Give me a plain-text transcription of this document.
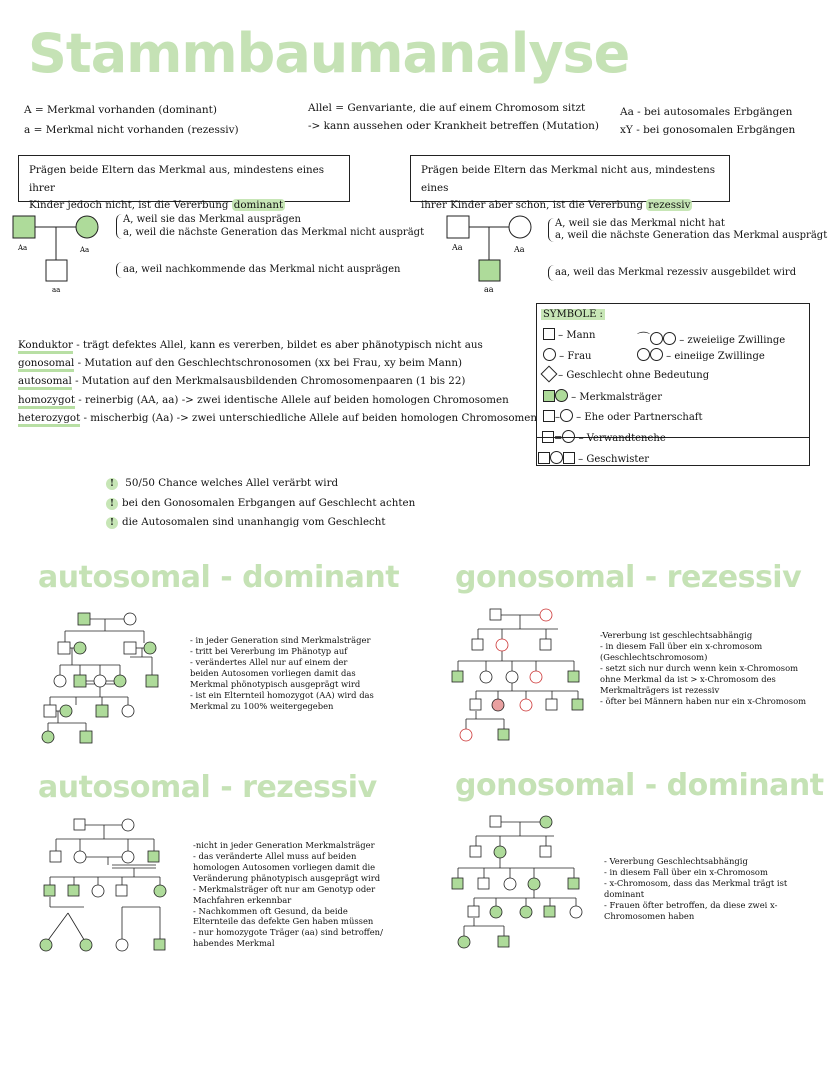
Stammbaumanalyse
A = Merkmal vorhanden (dominant)
a = Merkmal nicht vorhanden (rezessiv)
Allel = Genvariante, die auf einem Chromosom sitzt
-> kann aussehen oder Krankheit betreffen (Mutation)
Aa - bei autosomales Erbgängen
xY - bei gonosomalen Erbgängen
Prägen beide Eltern das Merkmal aus, mindestens eines ihrer
Kinder jedoch nicht, ist die Vererbung dominant
Prägen beide Eltern das Merkmal nicht aus, mindestens eines
ihrer Kinder aber schon, ist die Vererbung rezessiv
Aa	Aa
aa
A, weil sie das Merkmal ausprägen
a, weil die nächste Generation das Merkmal nicht ausprägt
aa, weil nachkommende das Merkmal nicht ausprägen
Aa	Aa
aa
A, weil sie das Merkmal nicht hat
a, weil die nächste Generation das Merkmal ausprägt
aa, weil das Merkmal rezessiv ausgebildet wird
Konduktor - trägt defektes Allel, kann es vererben, bildet es aber phänotypisch nicht aus
gonosomal - Mutation auf den Geschlechtschronosomen (xx bei Frau, xy beim Mann)
autosomal - Mutation auf den Merkmalsausbildenden Chromosomenpaaren (1 bis 22)
homozygot - reinerbig (AA, aa) -> zwei identische Allele auf beiden homologen Chromosomen
heterozygot - mischerbig (Aa) -> zwei unterschiedliche Allele auf beiden homologen Chromosomen
SYMBOLE :
– Mann
– Frau
⌒	– zweieiige Zwillinge
– eineiige Zwillinge
– Geschlecht ohne Bedeutung
– Merkmalsträger
– – Ehe oder Partnerschaft
= – Verwandtenehe
– Geschwister
! 50/50 Chance welches Allel verärbt wird
! bei den Gonosomalen Erbgangen auf Geschlecht achten
! die Autosomalen sind unanhangig vom Geschlecht
autosomal - dominant gonosomal - rezessiv
autosomal - rezessiv	gonosomal - dominant
- in jeder Generation sind Merkmalsträger
- tritt bei Vererbung im Phänotyp auf
- verändertes Allel nur auf einem der
beiden Autosomen vorliegen damit das
Merkmal phönotypisch ausgeprägt wird
- ist ein Elternteil homozygot (AA) wird das
Merkmal zu 100% weitergegeben
-Vererbung ist geschlechtsabhängig
- in diesem Fall über ein x-chromosom
(Geschlechtschromosom)
- setzt sich nur durch wenn kein x-Chromosom
ohne Merkmal da ist > x-Chromosom des
Merkmalträgers ist rezessiv
- öfter bei Männern haben nur ein x-Chromosom
-nicht in jeder Generation Merkmalsträger
- das veränderte Allel muss auf beiden
homologen Autosomen vorliegen damit die
Veränderung phänotypisch ausgeprägt wird
- Merkmalsträger oft nur am Genotyp oder
Machfahren erkennbar
- Nachkommen oft Gesund, da beide
Elternteile das defekte Gen haben müssen
- nur homozygote Träger (aa) sind betroffen/
habendes Merkmal
- Vererbung Geschlechtsabhängig
- in diesem Fall über ein x-Chromosom
- x-Chromosom, dass das Merkmal trägt ist
dominant
- Frauen öfter betroffen, da diese zwei x-
Chromosomen haben
